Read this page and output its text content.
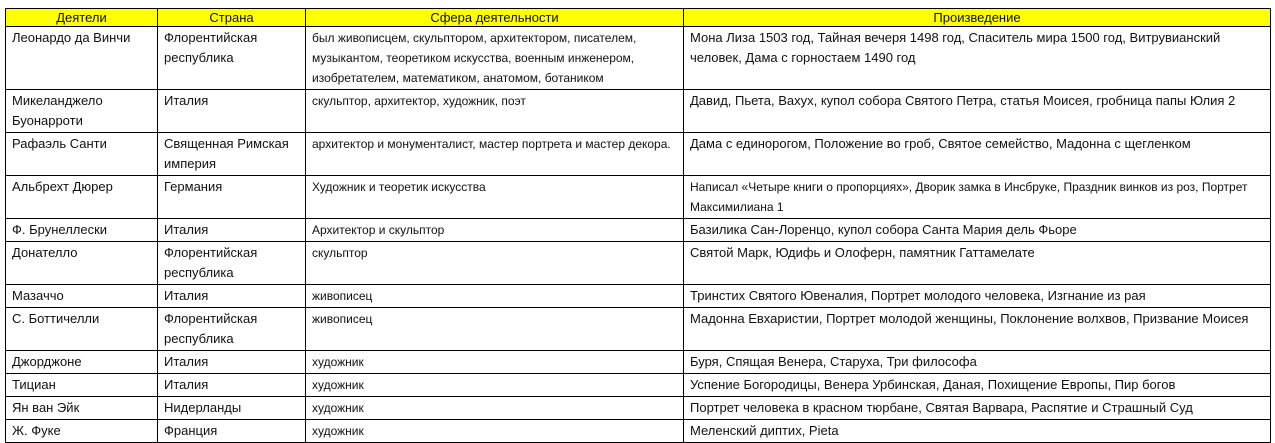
Деятели	Страна	Сфера деятельности	Произведение
Леонардо да Винчи	Флорентийская республика	был живописцем, скульптором, архитектором, писателем, музыкантом, теоретиком искусства, военным инженером, изобретателем, математиком, анатомом, ботаником	Мона Лиза 1503 год, Тайная вечеря 1498 год, Спаситель мира 1500 год, Витрувианский человек, Дама с горностаем 1490 год
Микеланджело Буонарроти	Италия	скульптор, архитектор, художник, поэт	Давид, Пьета, Вахух, купол собора Святого Петра, статья Моисея, гробница папы Юлия 2
Рафаэль Санти	Священная Римская империя	архитектор и монументалист, мастер портрета и мастер декора.	Дама с единорогом, Положение во гроб, Святое семейство, Мадонна с щегленком
Альбрехт Дюрер	Германия	Художник и теоретик искусства	Написал «Четыре книги о пропорциях», Дворик замка в Инсбруке, Праздник винков из роз, Портрет Максимилиана 1
Ф. Брунеллески	Италия	Архитектор и скульптор	Базилика Сан-Лоренцо, купол собора Санта Мария дель Фьоре
Донателло	Флорентийская республика	скульптор	Святой Марк, Юдифь и Олоферн, памятник Гаттамелате
Мазаччо	Италия	живописец	Тринстих Святого Ювеналия, Портрет молодого человека, Изгнание из рая
С. Боттичелли	Флорентийская республика	живописец	Мадонна Евхаристии, Портрет молодой женщины, Поклонение волхвов, Призвание Моисея
Джорджоне	Италия	художник	Буря, Спящая Венера, Старуха, Три философа
Тициан	Италия	художник	Успение Богородицы, Венера Урбинская, Даная, Похищение Европы, Пир богов
Ян ван Эйк	Нидерланды	художник	Портрет человека в красном тюрбане, Святая Варвара, Распятие и Страшный Суд
Ж. Фуке	Франция	художник	Меленский диптих, Pieta
